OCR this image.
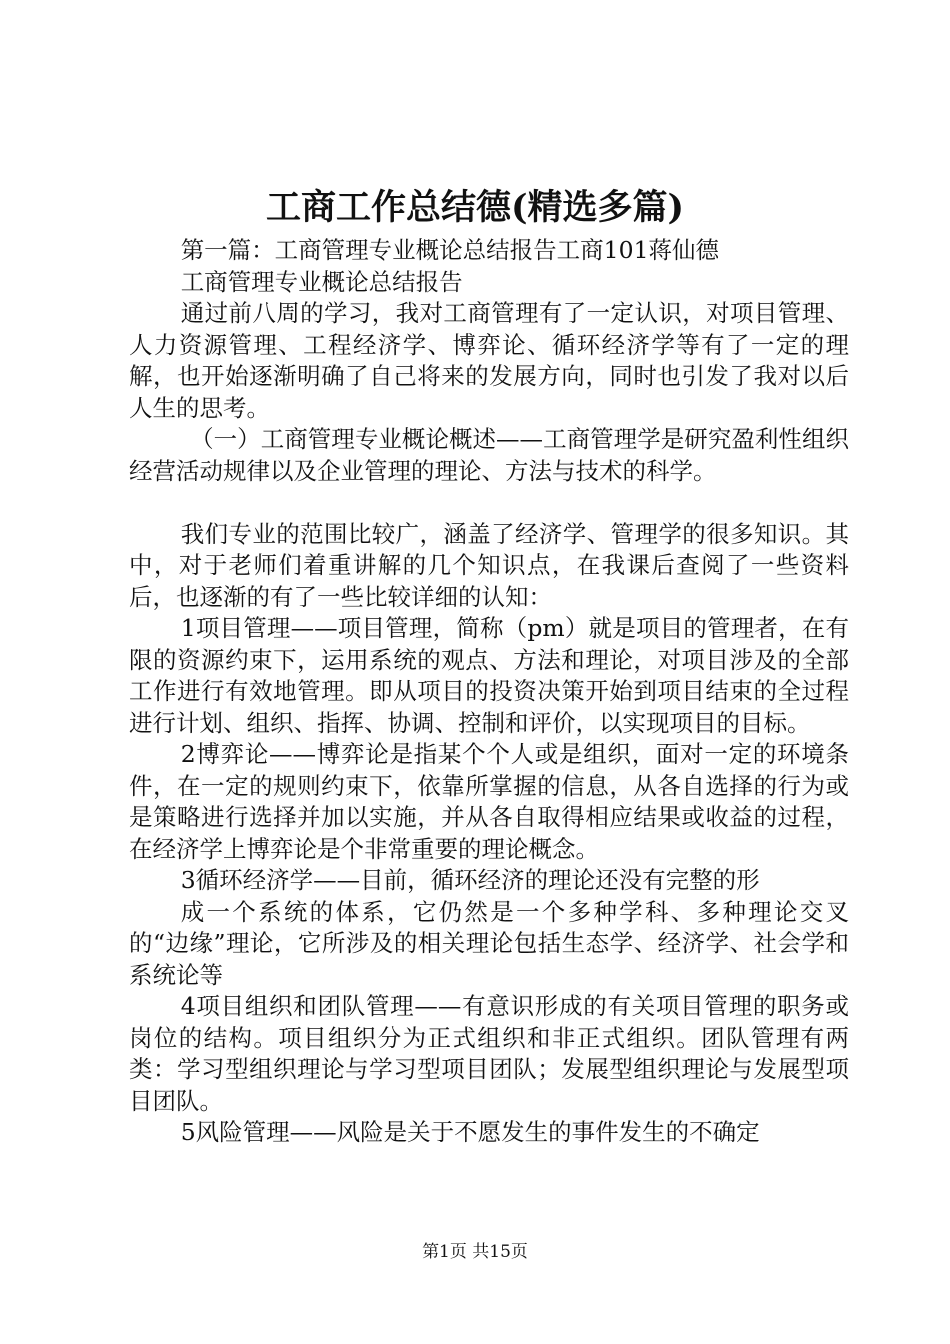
工商工作总结德(精选多篇)

第一篇：工商管理专业概论总结报告工商101蒋仙德

工商管理专业概论总结报告

通过前八周的学习，我对工商管理有了一定认识，对项目管理、人力资源管理、工程经济学、博弈论、循环经济学等有了一定的理解，也开始逐渐明确了自己将来的发展方向，同时也引发了我对以后人生的思考。

（一）工商管理专业概论概述——工商管理学是研究盈利性组织经营活动规律以及企业管理的理论、方法与技术的科学。

我们专业的范围比较广，涵盖了经济学、管理学的很多知识。其中，对于老师们着重讲解的几个知识点，在我课后查阅了一些资料后，也逐渐的有了一些比较详细的认知：

1项目管理——项目管理，简称（pm）就是项目的管理者，在有限的资源约束下，运用系统的观点、方法和理论，对项目涉及的全部工作进行有效地管理。即从项目的投资决策开始到项目结束的全过程进行计划、组织、指挥、协调、控制和评价，以实现项目的目标。

2博弈论——博弈论是指某个个人或是组织，面对一定的环境条件，在一定的规则约束下，依靠所掌握的信息，从各自选择的行为或是策略进行选择并加以实施，并从各自取得相应结果或收益的过程，在经济学上博弈论是个非常重要的理论概念。

3循环经济学——目前，循环经济的理论还没有完整的形

成一个系统的体系，它仍然是一个多种学科、多种理论交叉的“边缘”理论，它所涉及的相关理论包括生态学、经济学、社会学和系统论等

4项目组织和团队管理——有意识形成的有关项目管理的职务或岗位的结构。项目组织分为正式组织和非正式组织。团队管理有两类：学习型组织理论与学习型项目团队；发展型组织理论与发展型项目团队。

5风险管理——风险是关于不愿发生的事件发生的不确定

第1页 共15页
